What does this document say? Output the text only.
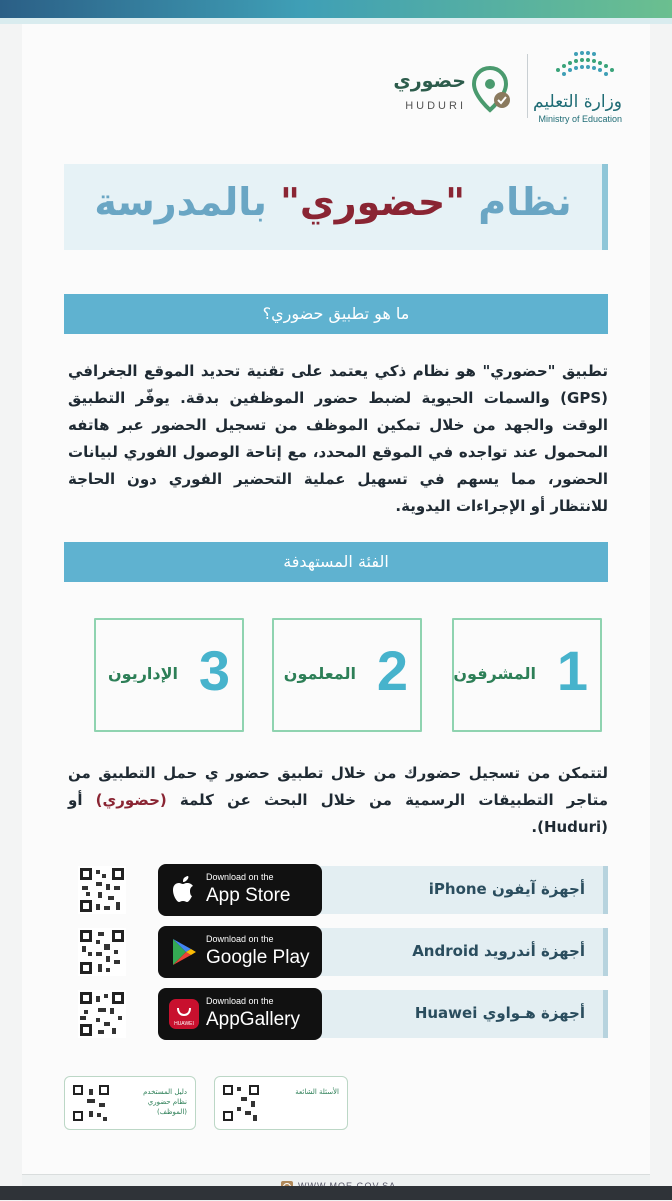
وزارة التعليم
Ministry of Education
حضوري
HUDURI
نظام "حضوري" بالمدرسة
ما هو تطبيق حضوري؟
تطبيق "حضوري" هو نظام ذكي يعتمد على تقنية تحديد الموقع الجغرافي (GPS) والسمات الحيوية لضبط حضور الموظفين بدقة. يوفّر التطبيق الوقت والجهد من خلال تمكين الموظف من تسجيل الحضور عبر هاتفه المحمول عند تواجده في الموقع المحدد، مع إتاحة الوصول الفوري لبيانات الحضور، مما يسهم في تسهيل عملية التحضير الفوري دون الحاجة للانتظار أو الإجراءات اليدوية.
الفئة المستهدفة
1
المشرفون
2
المعلمون
3
الإداريون
لتتمكن من تسجيل حضورك من خلال تطبيق حضور ي حمل التطبيق من متاجر التطبيقات الرسمية من خلال البحث عن كلمة (حضوري) أو (Huduri).
أجهزة آيفون iPhone
Download on the
App Store
أجهزة أندرويد Android
Download on the
Google Play
أجهزة هـواوي Huawei
HUAWEI
Download on the
AppGallery
الأسئلة الشائعة
دليل المستخدم
نظام حضوري
(الموظف)
